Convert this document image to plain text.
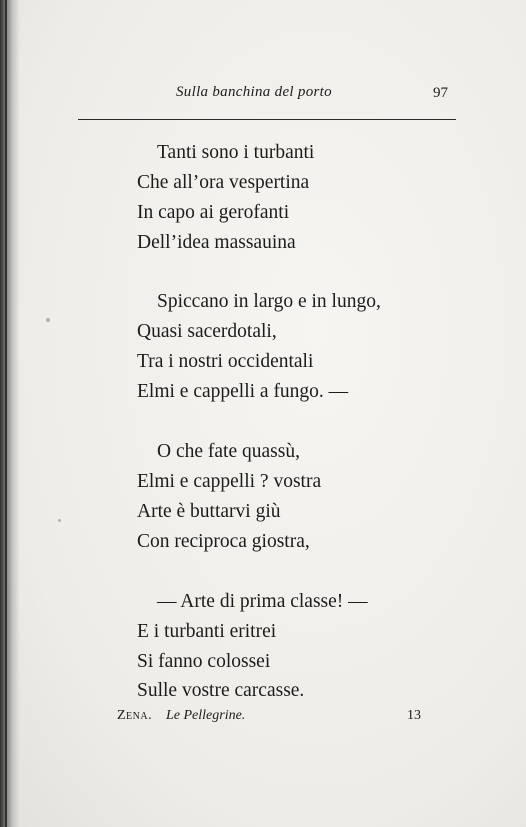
Sulla banchina del porto	97
Tanti sono i turbanti
Che all’ora vespertina
In capo ai gerofanti
Dell’idea massauina
Spiccano in largo e in lungo,
Quasi sacerdotali,
Tra i nostri occidentali
Elmi e cappelli a fungo. —
O che fate quassù,
Elmi e cappelli ? vostra
Arte è buttarvi giù
Con reciproca giostra,
— Arte di prima classe! —
E i turbanti eritrei
Si fanno colossei
Sulle vostre carcasse.
Zena. Le Pellegrine.	13
